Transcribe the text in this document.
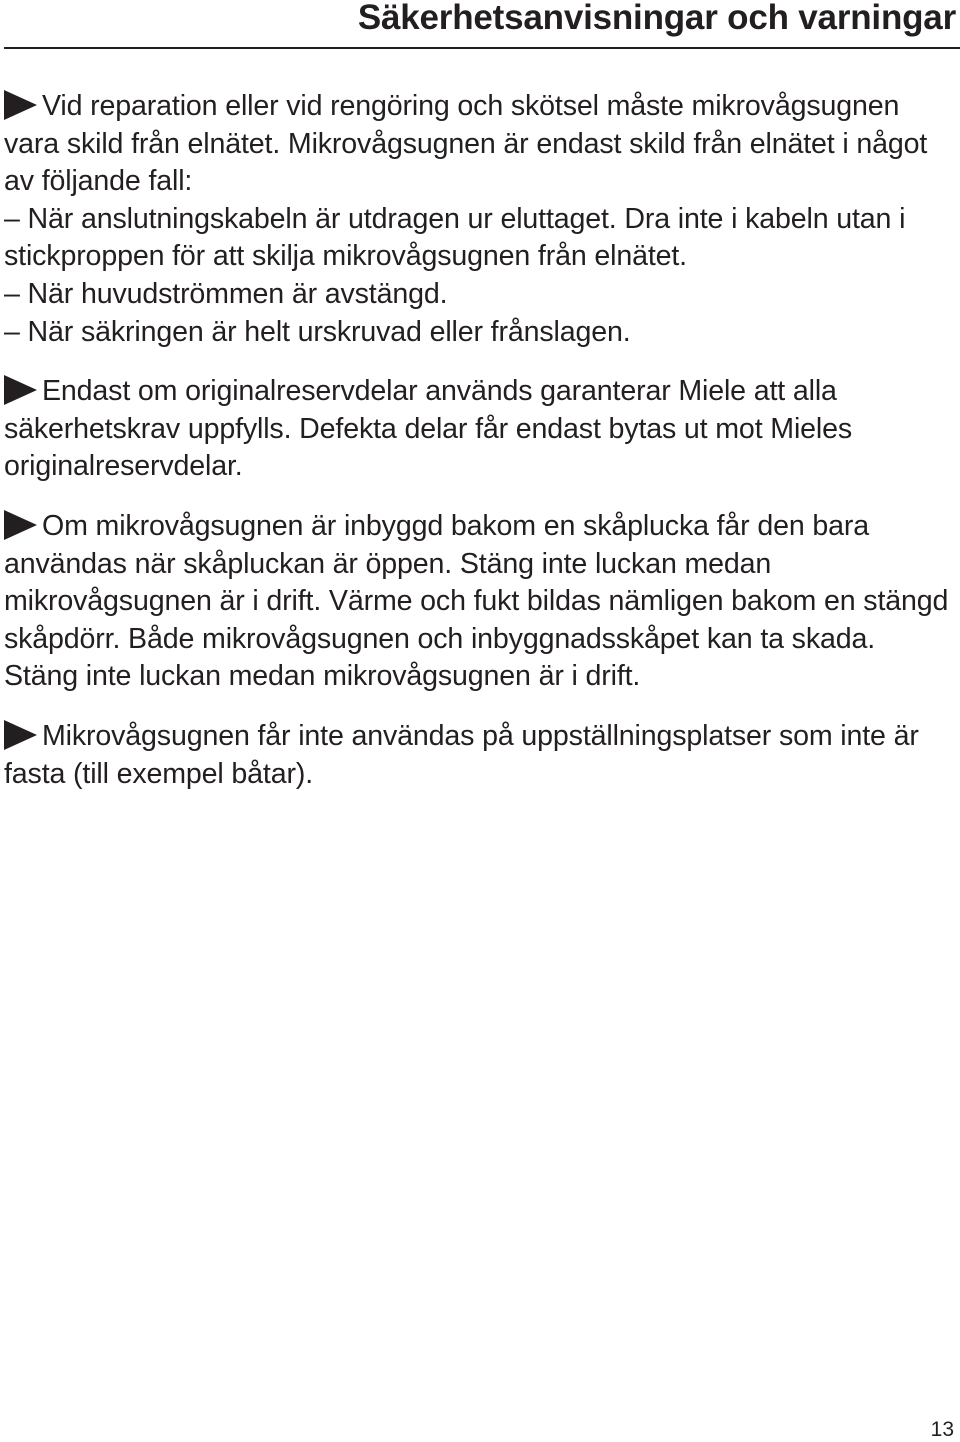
Säkerhetsanvisningar och varningar

Vid reparation eller vid rengöring och skötsel måste mikrovågsugnen vara skild från elnätet. Mikrovågsugnen är endast skild från elnätet i något av följande fall:

– När anslutningskabeln är utdragen ur eluttaget. Dra inte i kabeln utan i stickproppen för att skilja mikrovågsugnen från elnätet.

– När huvudströmmen är avstängd.

– När säkringen är helt urskruvad eller frånslagen.

Endast om originalreservdelar används garanterar Miele att alla säkerhetskrav uppfylls. Defekta delar får endast bytas ut mot Mieles originalreservdelar.

Om mikrovågsugnen är inbyggd bakom en skåplucka får den bara användas när skåpluckan är öppen. Stäng inte luckan medan mikrovågsugnen är i drift. Värme och fukt bildas nämligen bakom en stängd skåpdörr. Både mikrovågsugnen och inbyggnadsskåpet kan ta skada. Stäng inte luckan medan mikrovågsugnen är i drift.

Mikrovågsugnen får inte användas på uppställningsplatser som inte är fasta (till exempel båtar).

13
